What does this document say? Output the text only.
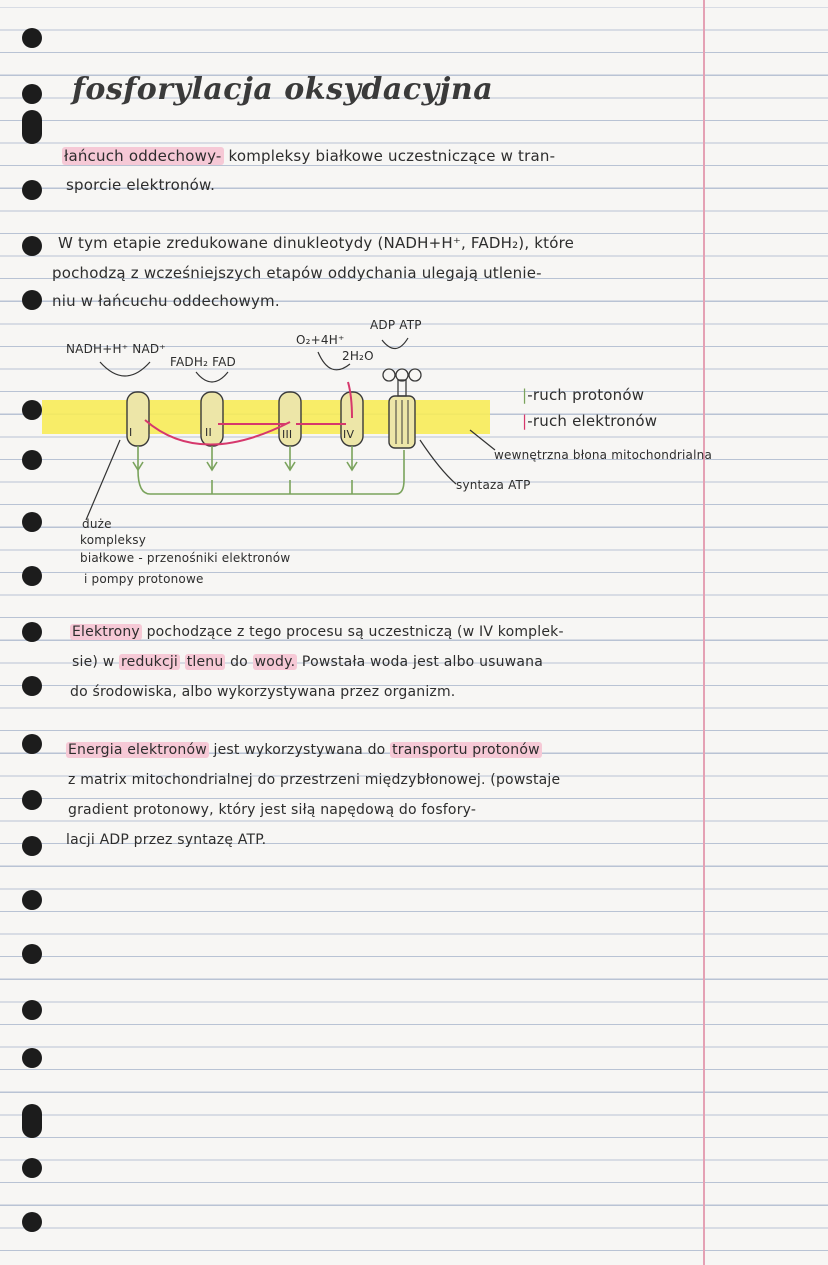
fosforylacja oksydacyjna
łańcuch oddechowy- kompleksy białkowe uczestniczące w tran-
sporcie elektronów.
W tym etapie zredukowane dinukleotydy (NADH+H⁺, FADH₂), które
pochodzą z wcześniejszych etapów oddychania ulegają utlenie-
niu w łańcuchu oddechowym.
NADH+H⁺ NAD⁺
FADH₂ FAD
O₂+4H⁺
2H₂O
ADP ATP
I	II	III	IV
|-ruch protonów
|-ruch elektronów
wewnętrzna błona mitochondrialna
syntaza ATP
duże
kompleksy
białkowe - przenośniki elektronów
i pompy protonowe
Elektrony pochodzące z tego procesu są uczestniczą (w IV komplek-
sie) w redukcji tlenu do wody. Powstała woda jest albo usuwana
do środowiska, albo wykorzystywana przez organizm.
Energia elektronów jest wykorzystywana do transportu protonów
z matrix mitochondrialnej do przestrzeni międzybłonowej. (powstaje
gradient protonowy, który jest siłą napędową do fosfory-
lacji ADP przez syntazę ATP.
